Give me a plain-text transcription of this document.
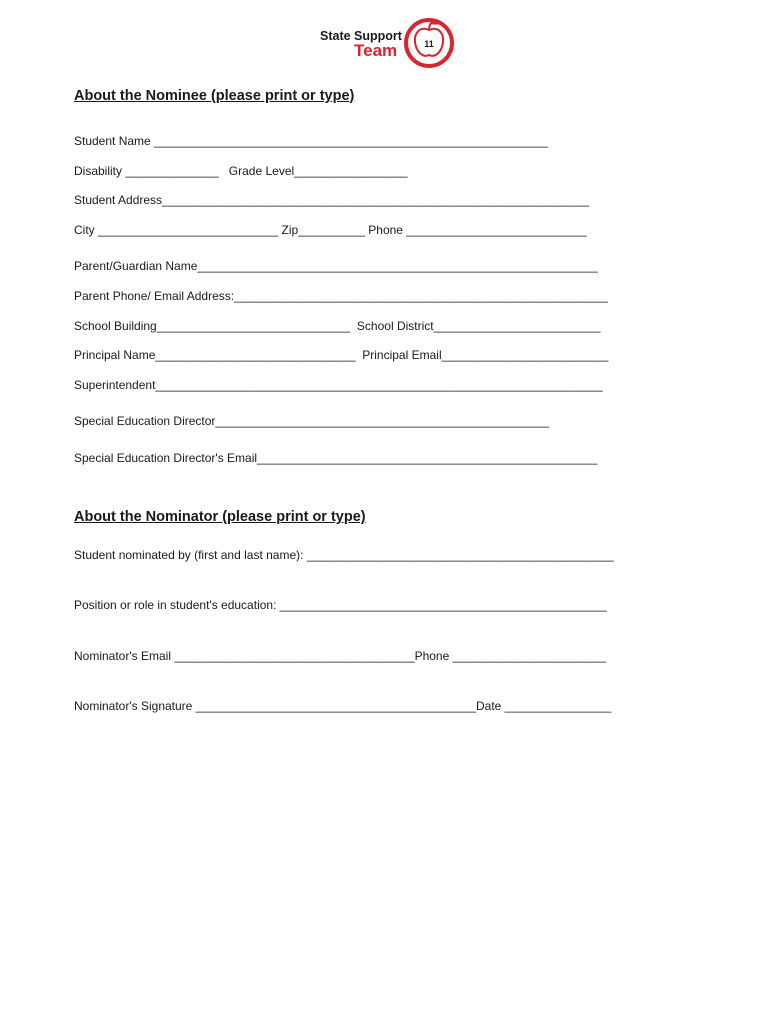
State Support
Team	11
About the Nominee (please print or type)
Student Name ___________________________________________________________
Disability ______________   Grade Level_________________
Student Address________________________________________________________________
City ___________________________ Zip__________ Phone ___________________________
Parent/Guardian Name____________________________________________________________
Parent Phone/ Email Address:________________________________________________________
School Building_____________________________  School District_________________________
Principal Name______________________________  Principal Email_________________________
Superintendent___________________________________________________________________
Special Education Director__________________________________________________
Special Education Director's Email___________________________________________________
About the Nominator (please print or type)
Student nominated by (first and last name): ______________________________________________
Position or role in student's education: _________________________________________________
Nominator's Email ____________________________________Phone _______________________
Nominator's Signature __________________________________________Date ________________
